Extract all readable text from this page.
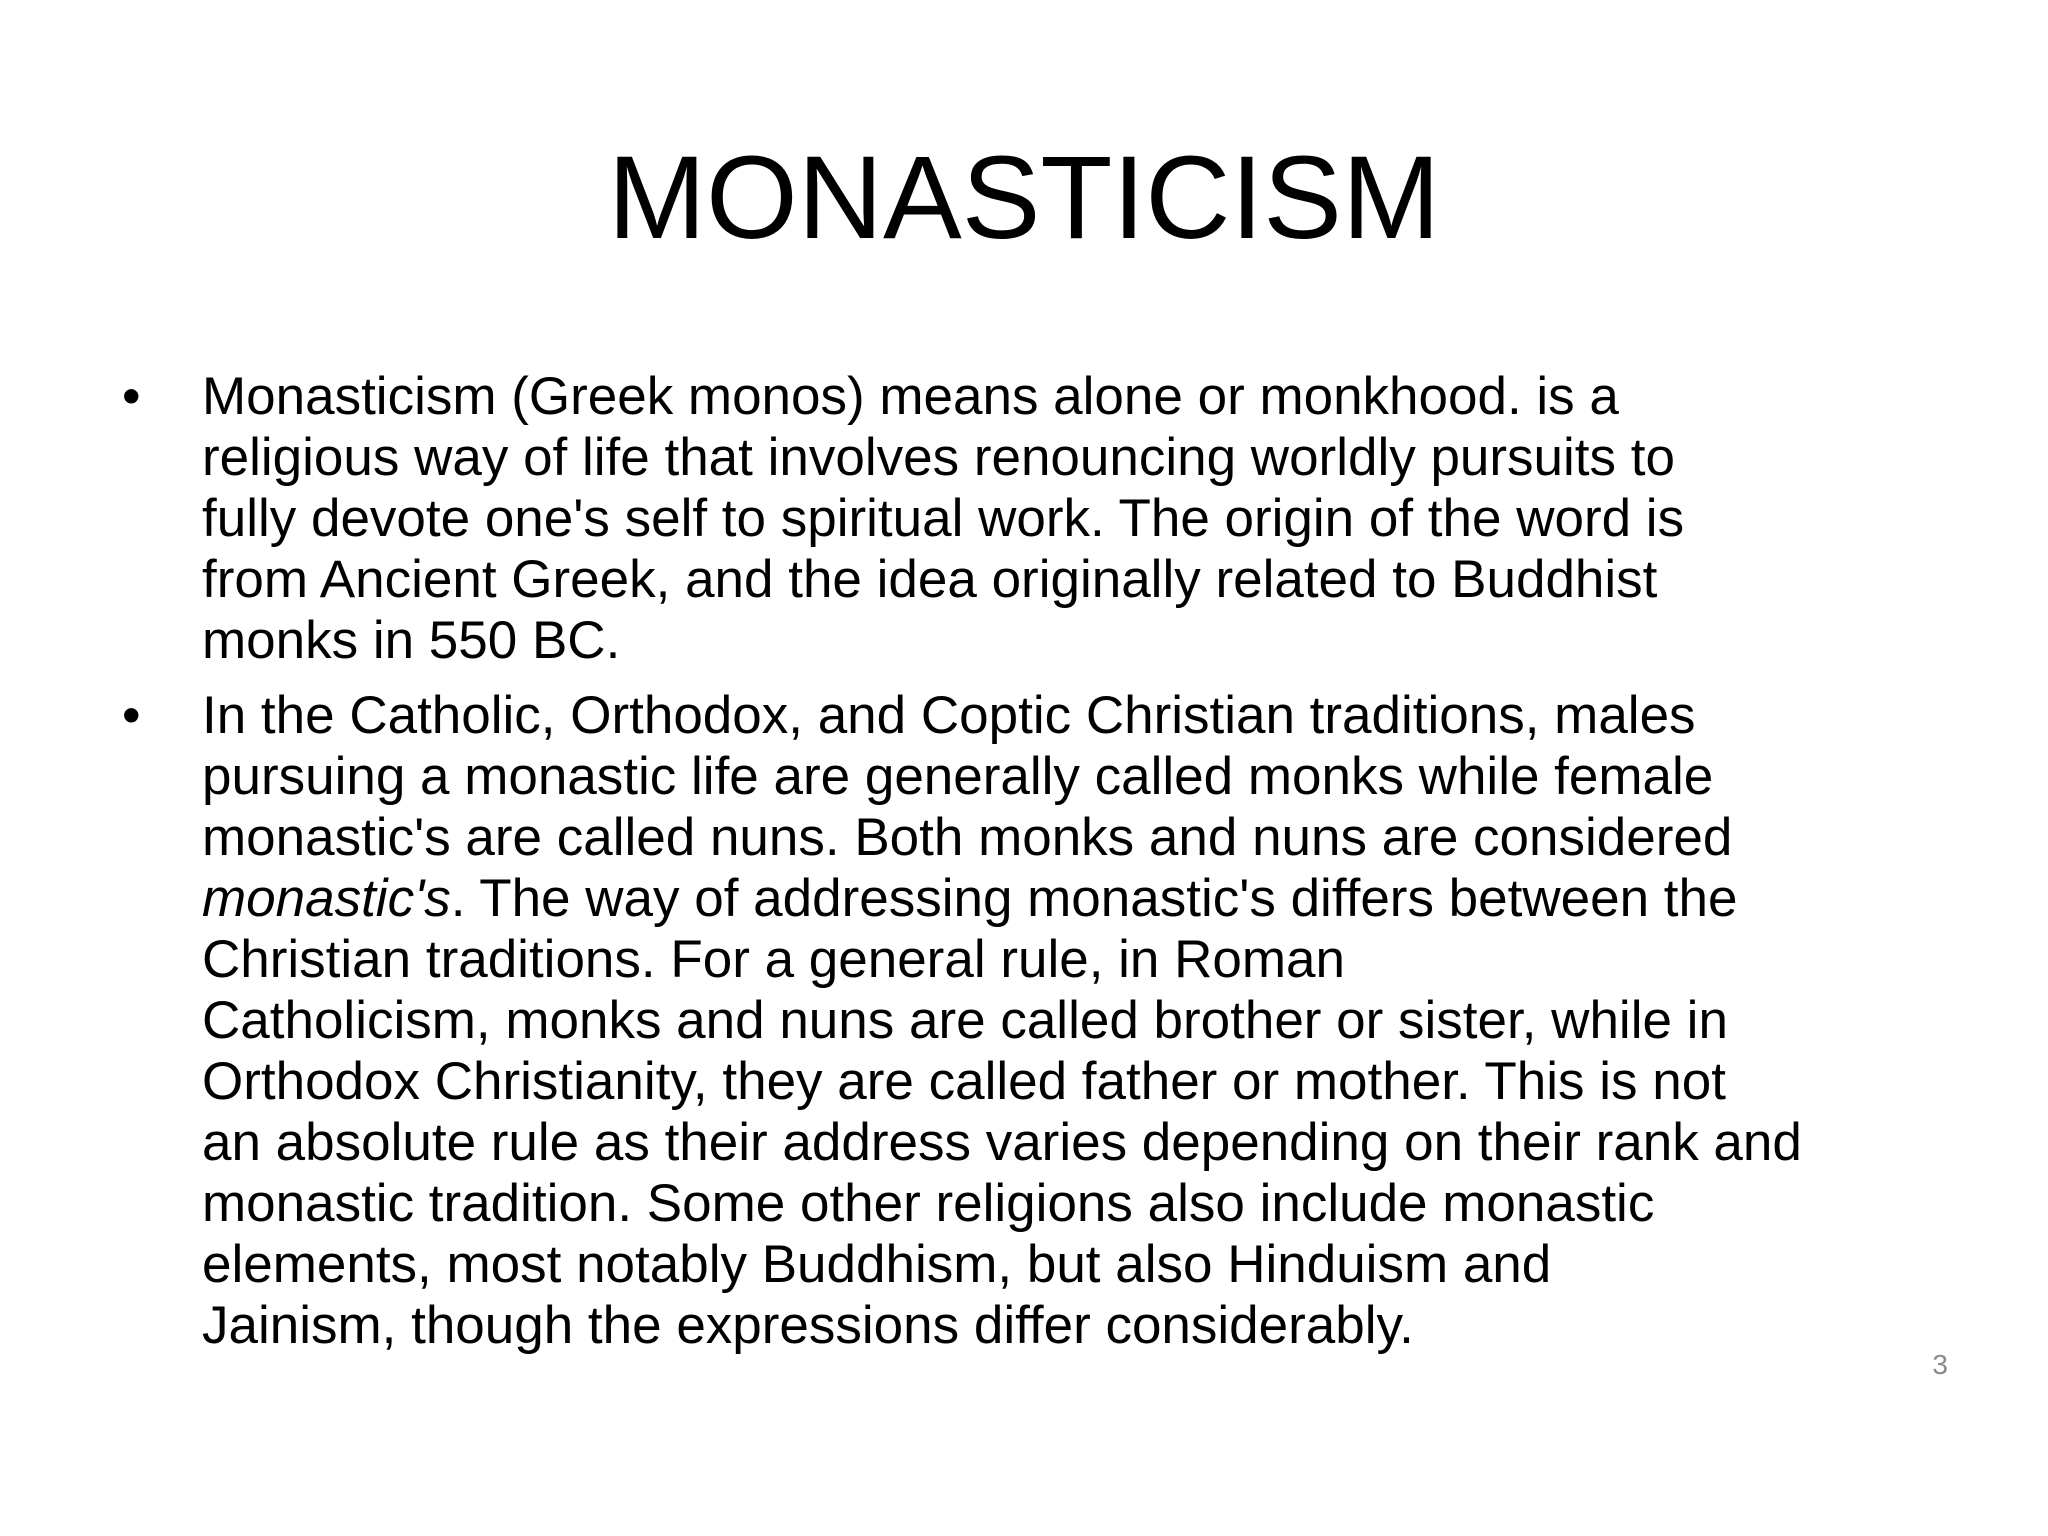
MONASTICISM
•	Monasticism (Greek monos) means alone or monkhood. is a
religious way of life that involves renouncing worldly pursuits to
fully devote one's self to spiritual work. The origin of the word is
from Ancient Greek, and the idea originally related to Buddhist
monks in 550 BC.
•	In the Catholic, Orthodox, and Coptic Christian traditions, males
pursuing a monastic life are generally called monks while female
monastic's are called nuns. Both monks and nuns are considered
monastic's. The way of addressing monastic's differs between the
Christian traditions. For a general rule, in Roman
Catholicism, monks and nuns are called brother or sister, while in
Orthodox Christianity, they are called father or mother. This is not
an absolute rule as their address varies depending on their rank and
monastic tradition. Some other religions also include monastic
elements, most notably Buddhism, but also Hinduism and
Jainism, though the expressions differ considerably.
3
